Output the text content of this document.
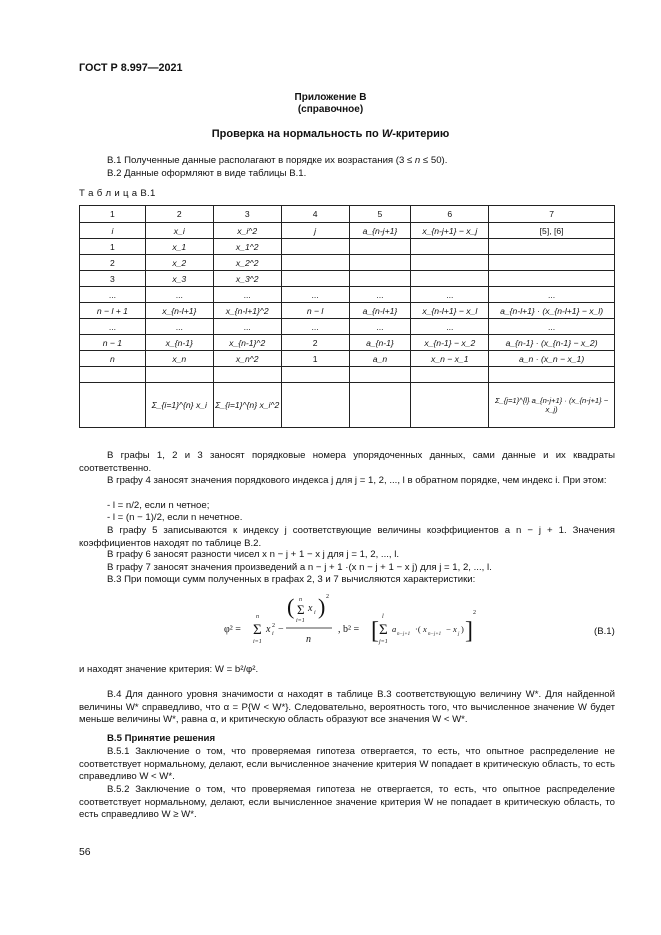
ГОСТ Р 8.997—2021
Приложение В
(справочное)
Проверка на нормальность по W-критерию
В.1 Полученные данные располагают в порядке их возрастания (3 ≤ n ≤ 50).
В.2 Данные оформляют в виде таблицы В.1.
Т а б л и ц а В.1
1	2	3	4	5	6	7
i	x_i	x_i^2	j	a_{n-j+1}	x_{n-j+1} − x_j	[5], [6]
1	x_1	x_1^2				
2	x_2	x_2^2				
3	x_3	x_3^2				
...	...	...	...	...	...	...
n − l + 1	x_{n-l+1}	x_{n-l+1}^2	n − l	a_{n-l+1}	x_{n-l+1} − x_l	a_{n-l+1} · (x_{n-l+1} − x_l)
...	...	...	...	...	...	...
n − 1	x_{n-1}	x_{n-1}^2	2	a_{n-1}	x_{n-1} − x_2	a_{n-1} · (x_{n-1} − x_2)
n	x_n	x_n^2	1	a_n	x_n − x_1	a_n · (x_n − x_1)

	Σ_{i=1}^{n} x_i	Σ_{i=1}^{n} x_i^2				Σ_{j=1}^{l} a_{n-j+1} · (x_{n-j+1} − x_j)
В графы 1, 2 и 3 заносят порядковые номера упорядоченных данных, сами данные и их квадраты соответственно.
В графу 4 заносят значения порядкового индекса j для j = 1, 2, ..., l в обратном порядке, чем индекс i. При этом:
- l = n/2, если n четное;
- l = (n − 1)/2, если n нечетное.
В графу 5 записываются к индексу j соответствующие величины коэффициентов a n − j + 1. Значения коэффициентов находят по таблице В.2.
В графу 6 заносят разности чисел x n − j + 1 − x j для j = 1, 2, ..., l.
В графу 7 заносят значения произведений a n − j + 1 ·(x n − j + 1 − x j) для j = 1, 2, ..., l.
В.3 При помощи сумм полученных в графах 2, 3 и 7 вычисляются характеристики:
φ² = Σ
n
i=1
x i
2 −
( Σ
n
i=1
x i ) 2
n
, b² = [ Σ
l
j=1
a
n−j+1
·( x
n−j+1
− x
j
) ]
2
(В.1)
и находят значение критерия: W = b²/φ².
В.4 Для данного уровня значимости α находят в таблице В.3 соответствующую величину W*. Для найденной величины W* справедливо, что α = P{W < W*}. Следовательно, вероятность того, что вычисленное значение W будет меньше величины W*, равна α, и критическую область образуют все значения W < W*.
В.5 Принятие решения
В.5.1 Заключение о том, что проверяемая гипотеза отвергается, то есть, что опытное распределение не соответствует нормальному, делают, если вычисленное значение критерия W попадает в критическую область, то есть справедливо W < W*.
В.5.2 Заключение о том, что проверяемая гипотеза не отвергается, то есть, что опытное распределение соответствует нормальному, делают, если вычисленное значение критерия W не попадает в критическую область, то есть справедливо W ≥ W*.
56
